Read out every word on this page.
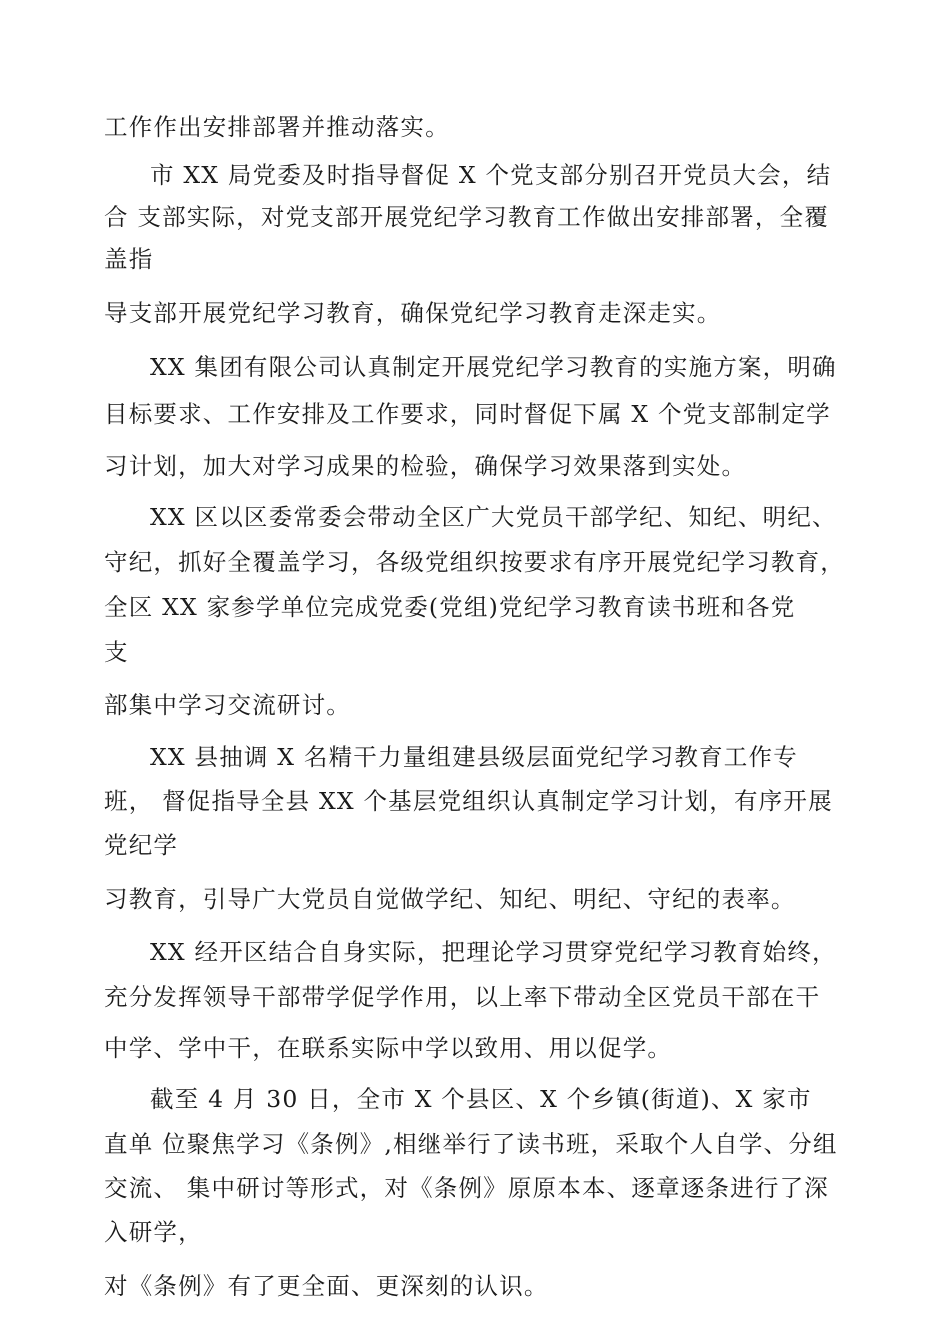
工作作出安排部署并推动落实。
市 XX 局党委及时指导督促 X 个党支部分别召开党员大会，结
合 支部实际，对党支部开展党纪学习教育工作做出安排部署，全覆
盖指
导支部开展党纪学习教育，确保党纪学习教育走深走实。
XX 集团有限公司认真制定开展党纪学习教育的实施方案，明确
目标要求、工作安排及工作要求，同时督促下属 X 个党支部制定学
习计划，加大对学习成果的检验，确保学习效果落到实处。
XX 区以区委常委会带动全区广大党员干部学纪、知纪、明纪、
守纪，抓好全覆盖学习，各级党组织按要求有序开展党纪学习教育，
全区 XX 家参学单位完成党委(党组)党纪学习教育读书班和各党
支
部集中学习交流研讨。
XX 县抽调 X 名精干力量组建县级层面党纪学习教育工作专
班， 督促指导全县 XX 个基层党组织认真制定学习计划，有序开展
党纪学
习教育，引导广大党员自觉做学纪、知纪、明纪、守纪的表率。
XX 经开区结合自身实际，把理论学习贯穿党纪学习教育始终，
充分发挥领导干部带学促学作用，以上率下带动全区党员干部在干
中学、学中干，在联系实际中学以致用、用以促学。
截至 4 月 30 日，全市 X 个县区、X 个乡镇(街道)、X 家市
直单 位聚焦学习《条例》,相继举行了读书班，采取个人自学、分组
交流、 集中研讨等形式，对《条例》原原本本、逐章逐条进行了深
入研学，
对《条例》有了更全面、更深刻的认识。
